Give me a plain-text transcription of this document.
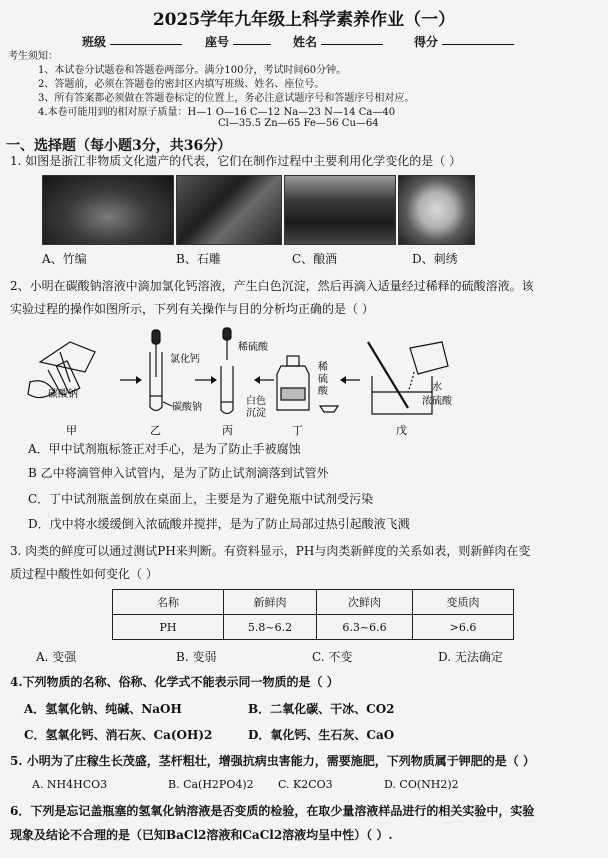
2025学年九年级上科学素养作业（一）
班级	座号	姓名	得分
考生须知：
1、本试卷分试题卷和答题卷两部分。满分100分，考试时间60分钟。
2、答题前，必须在答题卷的密封区内填写班级、姓名、座位号。
3、所有答案都必须做在答题卷标定的位置上，务必注意试题序号和答题序号相对应。
4.本卷可能用到的相对原子质量：H—1 O—16 C—12 Na—23 N—14 Ca—40
Cl—35.5 Zn—65 Fe—56 Cu—64
一、选择题（每小题3分，共36分）
1. 如图是浙江非物质文化遗产的代表，它们在制作过程中主要利用化学变化的是（ ）
A、竹编	B、石雕	C、酿酒	D、刺绣
2、小明在碳酸钠溶液中滴加氯化钙溶液，产生白色沉淀，然后再滴入适量经过稀释的硫酸溶液。该
实验过程的操作如图所示，下列有关操作与目的分析均正确的是（ ）
碳酸钠
氯化钙
碳酸钠
稀硫酸
白色
沉淀
稀
硫
酸	水
浓硫酸
甲	乙	丙	丁	戊
A．甲中试剂瓶标签正对手心，是为了防止手被腐蚀
B 乙中将滴管伸入试管内，是为了防止试剂滴落到试管外
C．丁中试剂瓶盖倒放在桌面上，主要是为了避免瓶中试剂受污染
D．戊中将水缓缓倒入浓硫酸并搅拌，是为了防止局部过热引起酸液飞溅
3. 肉类的鲜度可以通过测试PH来判断。有资料显示，PH与肉类新鲜度的关系如表，则新鲜肉在变
质过程中酸性如何变化（ ）
名称	新鲜肉	次鲜肉	变质肉
PH	5.8~6.2	6.3~6.6	>6.6
A. 变强	B. 变弱	C. 不变	D. 无法确定
4.下列物质的名称、俗称、化学式不能表示同一物质的是（ ）
A．氢氧化钠、纯碱、NaOH	B．二氧化碳、干冰、CO2
C．氢氧化钙、消石灰、Ca(OH)2	D．氧化钙、生石灰、CaO
5. 小明为了庄稼生长茂盛，茎杆粗壮，增强抗病虫害能力，需要施肥，下列物质属于钾肥的是（ ）
A. NH4HCO3	B. Ca(H2PO4)2 C. K2CO3	D. CO(NH2)2
6．下列是忘记盖瓶塞的氢氧化钠溶液是否变质的检验，在取少量溶液样品进行的相关实验中，实验
现象及结论不合理的是（已知BaCl2溶液和CaCl2溶液均呈中性）（ ）.
